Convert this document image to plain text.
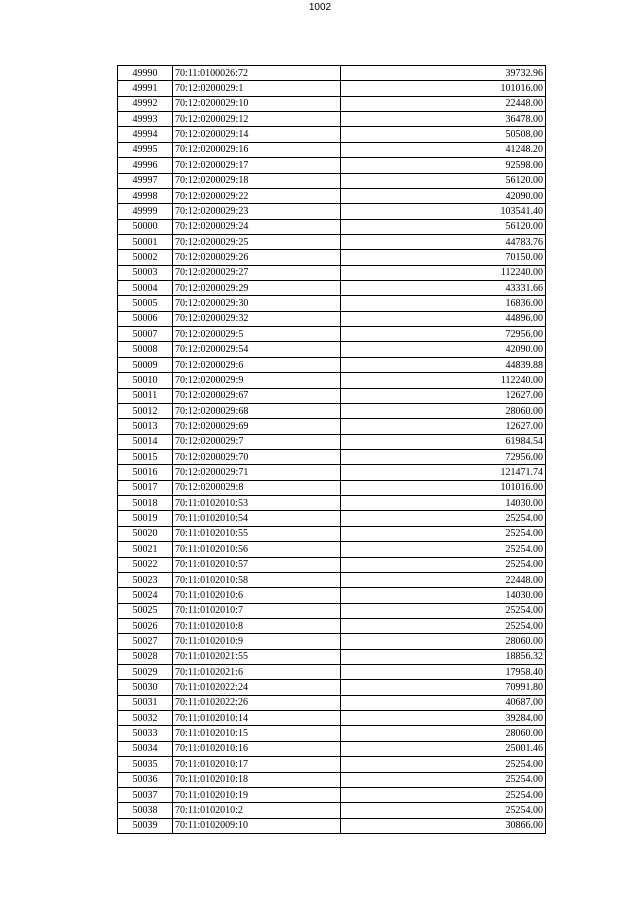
1002
49990	70:11:0100026:72	39732.96
49991	70:12:0200029:1	101016.00
49992	70:12:0200029:10	22448.00
49993	70:12:0200029:12	36478.00
49994	70:12:0200029:14	50508.00
49995	70:12:0200029:16	41248.20
49996	70:12:0200029:17	92598.00
49997	70:12:0200029:18	56120.00
49998	70:12:0200029:22	42090.00
49999	70:12:0200029:23	103541.40
50000	70:12:0200029:24	56120.00
50001	70:12:0200029:25	44783.76
50002	70:12:0200029:26	70150.00
50003	70:12:0200029:27	112240.00
50004	70:12:0200029:29	43331.66
50005	70:12:0200029:30	16836.00
50006	70:12:0200029:32	44896.00
50007	70:12:0200029:5	72956.00
50008	70:12:0200029:54	42090.00
50009	70:12:0200029:6	44839.88
50010	70:12:0200029:9	112240.00
50011	70:12:0200029:67	12627.00
50012	70:12:0200029:68	28060.00
50013	70:12:0200029:69	12627.00
50014	70:12:0200029:7	61984.54
50015	70:12:0200029:70	72956.00
50016	70:12:0200029:71	121471.74
50017	70:12:0200029:8	101016.00
50018	70:11:0102010:53	14030.00
50019	70:11:0102010:54	25254.00
50020	70:11:0102010:55	25254.00
50021	70:11:0102010:56	25254.00
50022	70:11:0102010:57	25254.00
50023	70:11:0102010:58	22448.00
50024	70:11:0102010:6	14030.00
50025	70:11:0102010:7	25254.00
50026	70:11:0102010:8	25254.00
50027	70:11:0102010:9	28060.00
50028	70:11:0102021:55	18856.32
50029	70:11:0102021:6	17958.40
50030	70:11:0102022:24	70991.80
50031	70:11:0102022:26	40687.00
50032	70:11:0102010:14	39284.00
50033	70:11:0102010:15	28060.00
50034	70:11:0102010:16	25001.46
50035	70:11:0102010:17	25254.00
50036	70:11:0102010:18	25254.00
50037	70:11:0102010:19	25254.00
50038	70:11:0102010:2	25254.00
50039	70:11:0102009:10	30866.00
